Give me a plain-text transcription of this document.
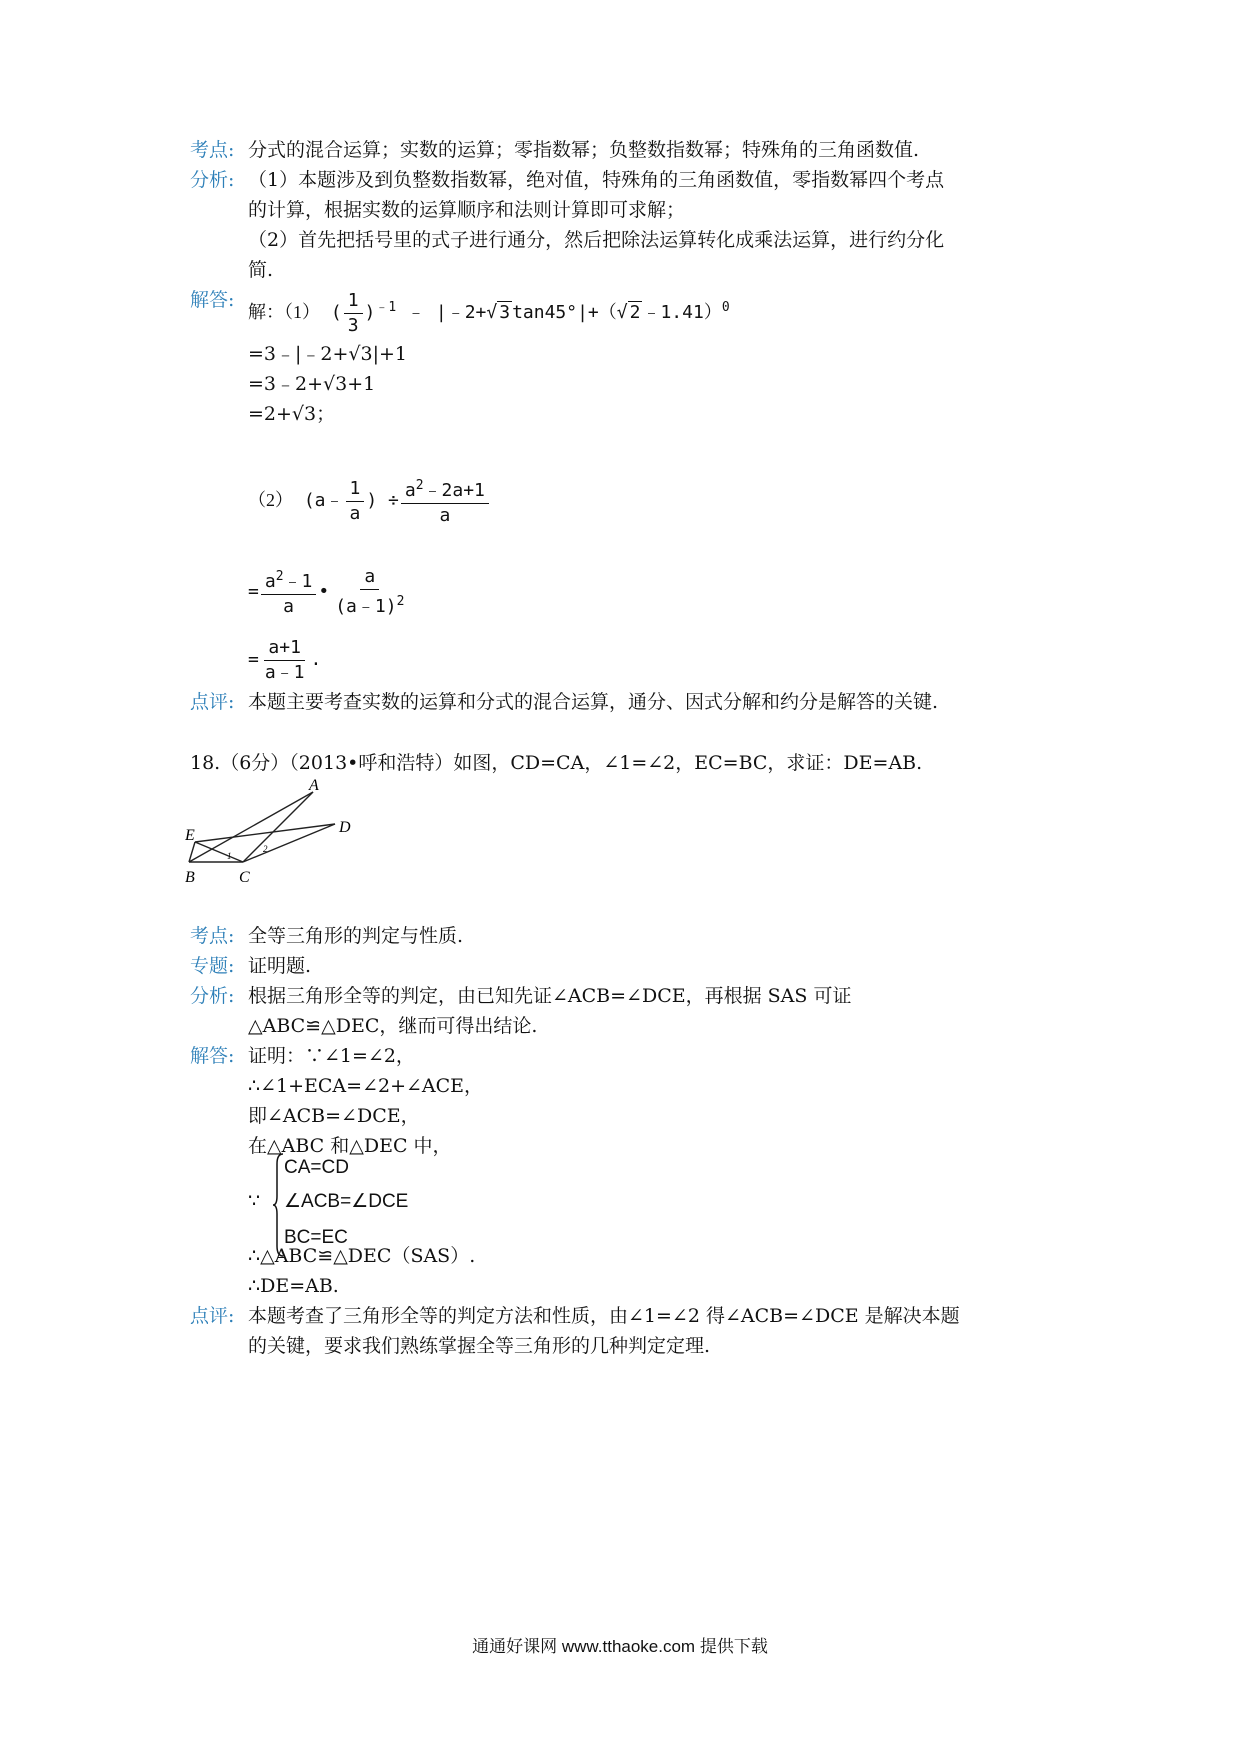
考点: 分式的混合运算；实数的运算；零指数幂；负整数指数幂；特殊角的三角函数值.
分析: （1）本题涉及到负整数指数幂，绝对值，特殊角的三角函数值，零指数幂四个考点
的计算，根据实数的运算顺序和法则计算即可求解；
（2）首先把括号里的式子进行通分，然后把除法运算转化成乘法运算，进行约分化
简.
解答:
解：（1） ( $\frac{1}{3} )^{﹣1}$ ﹣ |﹣2+√ 3 tan45°|+（√ 2 ﹣1.41）$^0$
=3﹣|﹣2+√3|+1
=3﹣2+√3+1
=2+√3；
（2） (a﹣ $\frac{1}{a}$ ) ÷ $\frac{a^2﹣2a+1}{a}$
= $\frac{a^2﹣1}{a}$ • $\frac{a}{(a﹣1)^2}$
= $\frac{a+1}{a﹣1}$ .
点评: 本题主要考查实数的运算和分式的混合运算，通分、因式分解和约分是解答的关键.
18.（6分）（2013•呼和浩特）如图，CD=CA，∠1=∠2，EC=BC，求证：DE=AB.
A
D
E
B	C
1
2
考点: 全等三角形的判定与性质.
专题: 证明题.
分析: 根据三角形全等的判定，由已知先证∠ACB=∠DCE，再根据 SAS 可证
△ABC≌△DEC，继而可得出结论.
解答: 证明：∵∠1=∠2，
∴∠1+ECA=∠2+∠ACE，
即∠ACB=∠DCE，
在△ABC 和△DEC 中，
∵
CA=CD
∠ACB=∠DCE
BC=EC
∴△ABC≌△DEC（SAS）.
∴DE=AB.
点评: 本题考查了三角形全等的判定方法和性质，由∠1=∠2 得∠ACB=∠DCE 是解决本题
的关键，要求我们熟练掌握全等三角形的几种判定定理.
通通好课网 www.tthaoke.com 提供下载
